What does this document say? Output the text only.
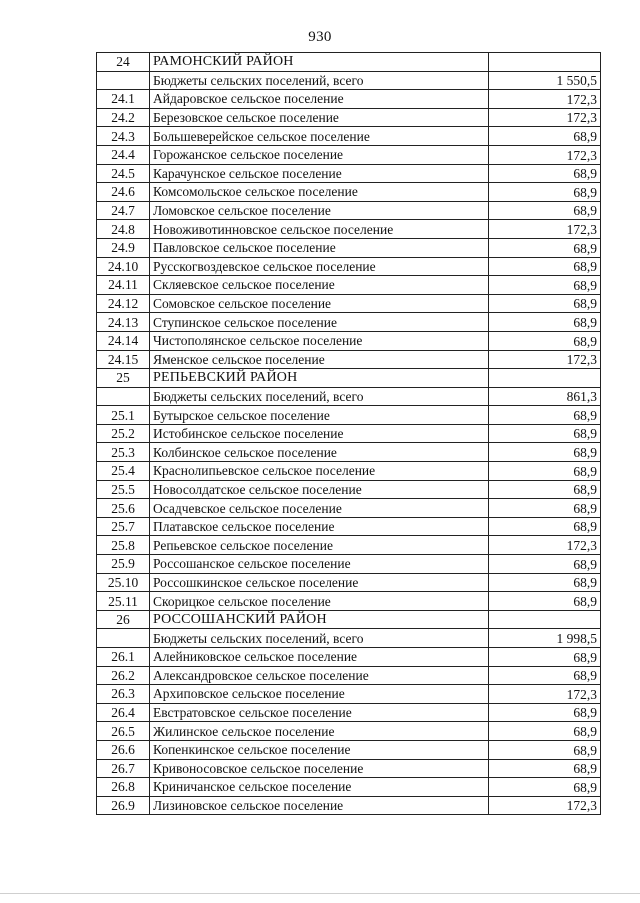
930
24	РАМОНСКИЙ РАЙОН	
	Бюджеты сельских поселений, всего	1 550,5
24.1	Айдаровское сельское поселение	172,3
24.2	Березовское сельское поселение	172,3
24.3	Большеверейское сельское поселение	68,9
24.4	Горожанское сельское поселение	172,3
24.5	Карачунское сельское поселение	68,9
24.6	Комсомольское сельское поселение	68,9
24.7	Ломовское сельское поселение	68,9
24.8	Новоживотинновское сельское поселение	172,3
24.9	Павловское сельское поселение	68,9
24.10	Русскогвоздевское сельское поселение	68,9
24.11	Скляевское сельское поселение	68,9
24.12	Сомовское сельское поселение	68,9
24.13	Ступинское сельское поселение	68,9
24.14	Чистополянское сельское поселение	68,9
24.15	Яменское сельское поселение	172,3
25	РЕПЬЕВСКИЙ РАЙОН	
	Бюджеты сельских поселений, всего	861,3
25.1	Бутырское сельское поселение	68,9
25.2	Истобинское сельское поселение	68,9
25.3	Колбинское сельское поселение	68,9
25.4	Краснолипьевское сельское поселение	68,9
25.5	Новосолдатское сельское поселение	68,9
25.6	Осадчевское сельское поселение	68,9
25.7	Платавское сельское поселение	68,9
25.8	Репьевское сельское поселение	172,3
25.9	Россошанское сельское поселение	68,9
25.10	Россошкинское сельское поселение	68,9
25.11	Скорицкое сельское поселение	68,9
26	РОССОШАНСКИЙ РАЙОН	
	Бюджеты сельских поселений, всего	1 998,5
26.1	Алейниковское сельское поселение	68,9
26.2	Александровское сельское поселение	68,9
26.3	Архиповское сельское поселение	172,3
26.4	Евстратовское сельское поселение	68,9
26.5	Жилинское сельское поселение	68,9
26.6	Копенкинское сельское поселение	68,9
26.7	Кривоносовское сельское поселение	68,9
26.8	Криничанское сельское поселение	68,9
26.9	Лизиновское сельское поселение	172,3
